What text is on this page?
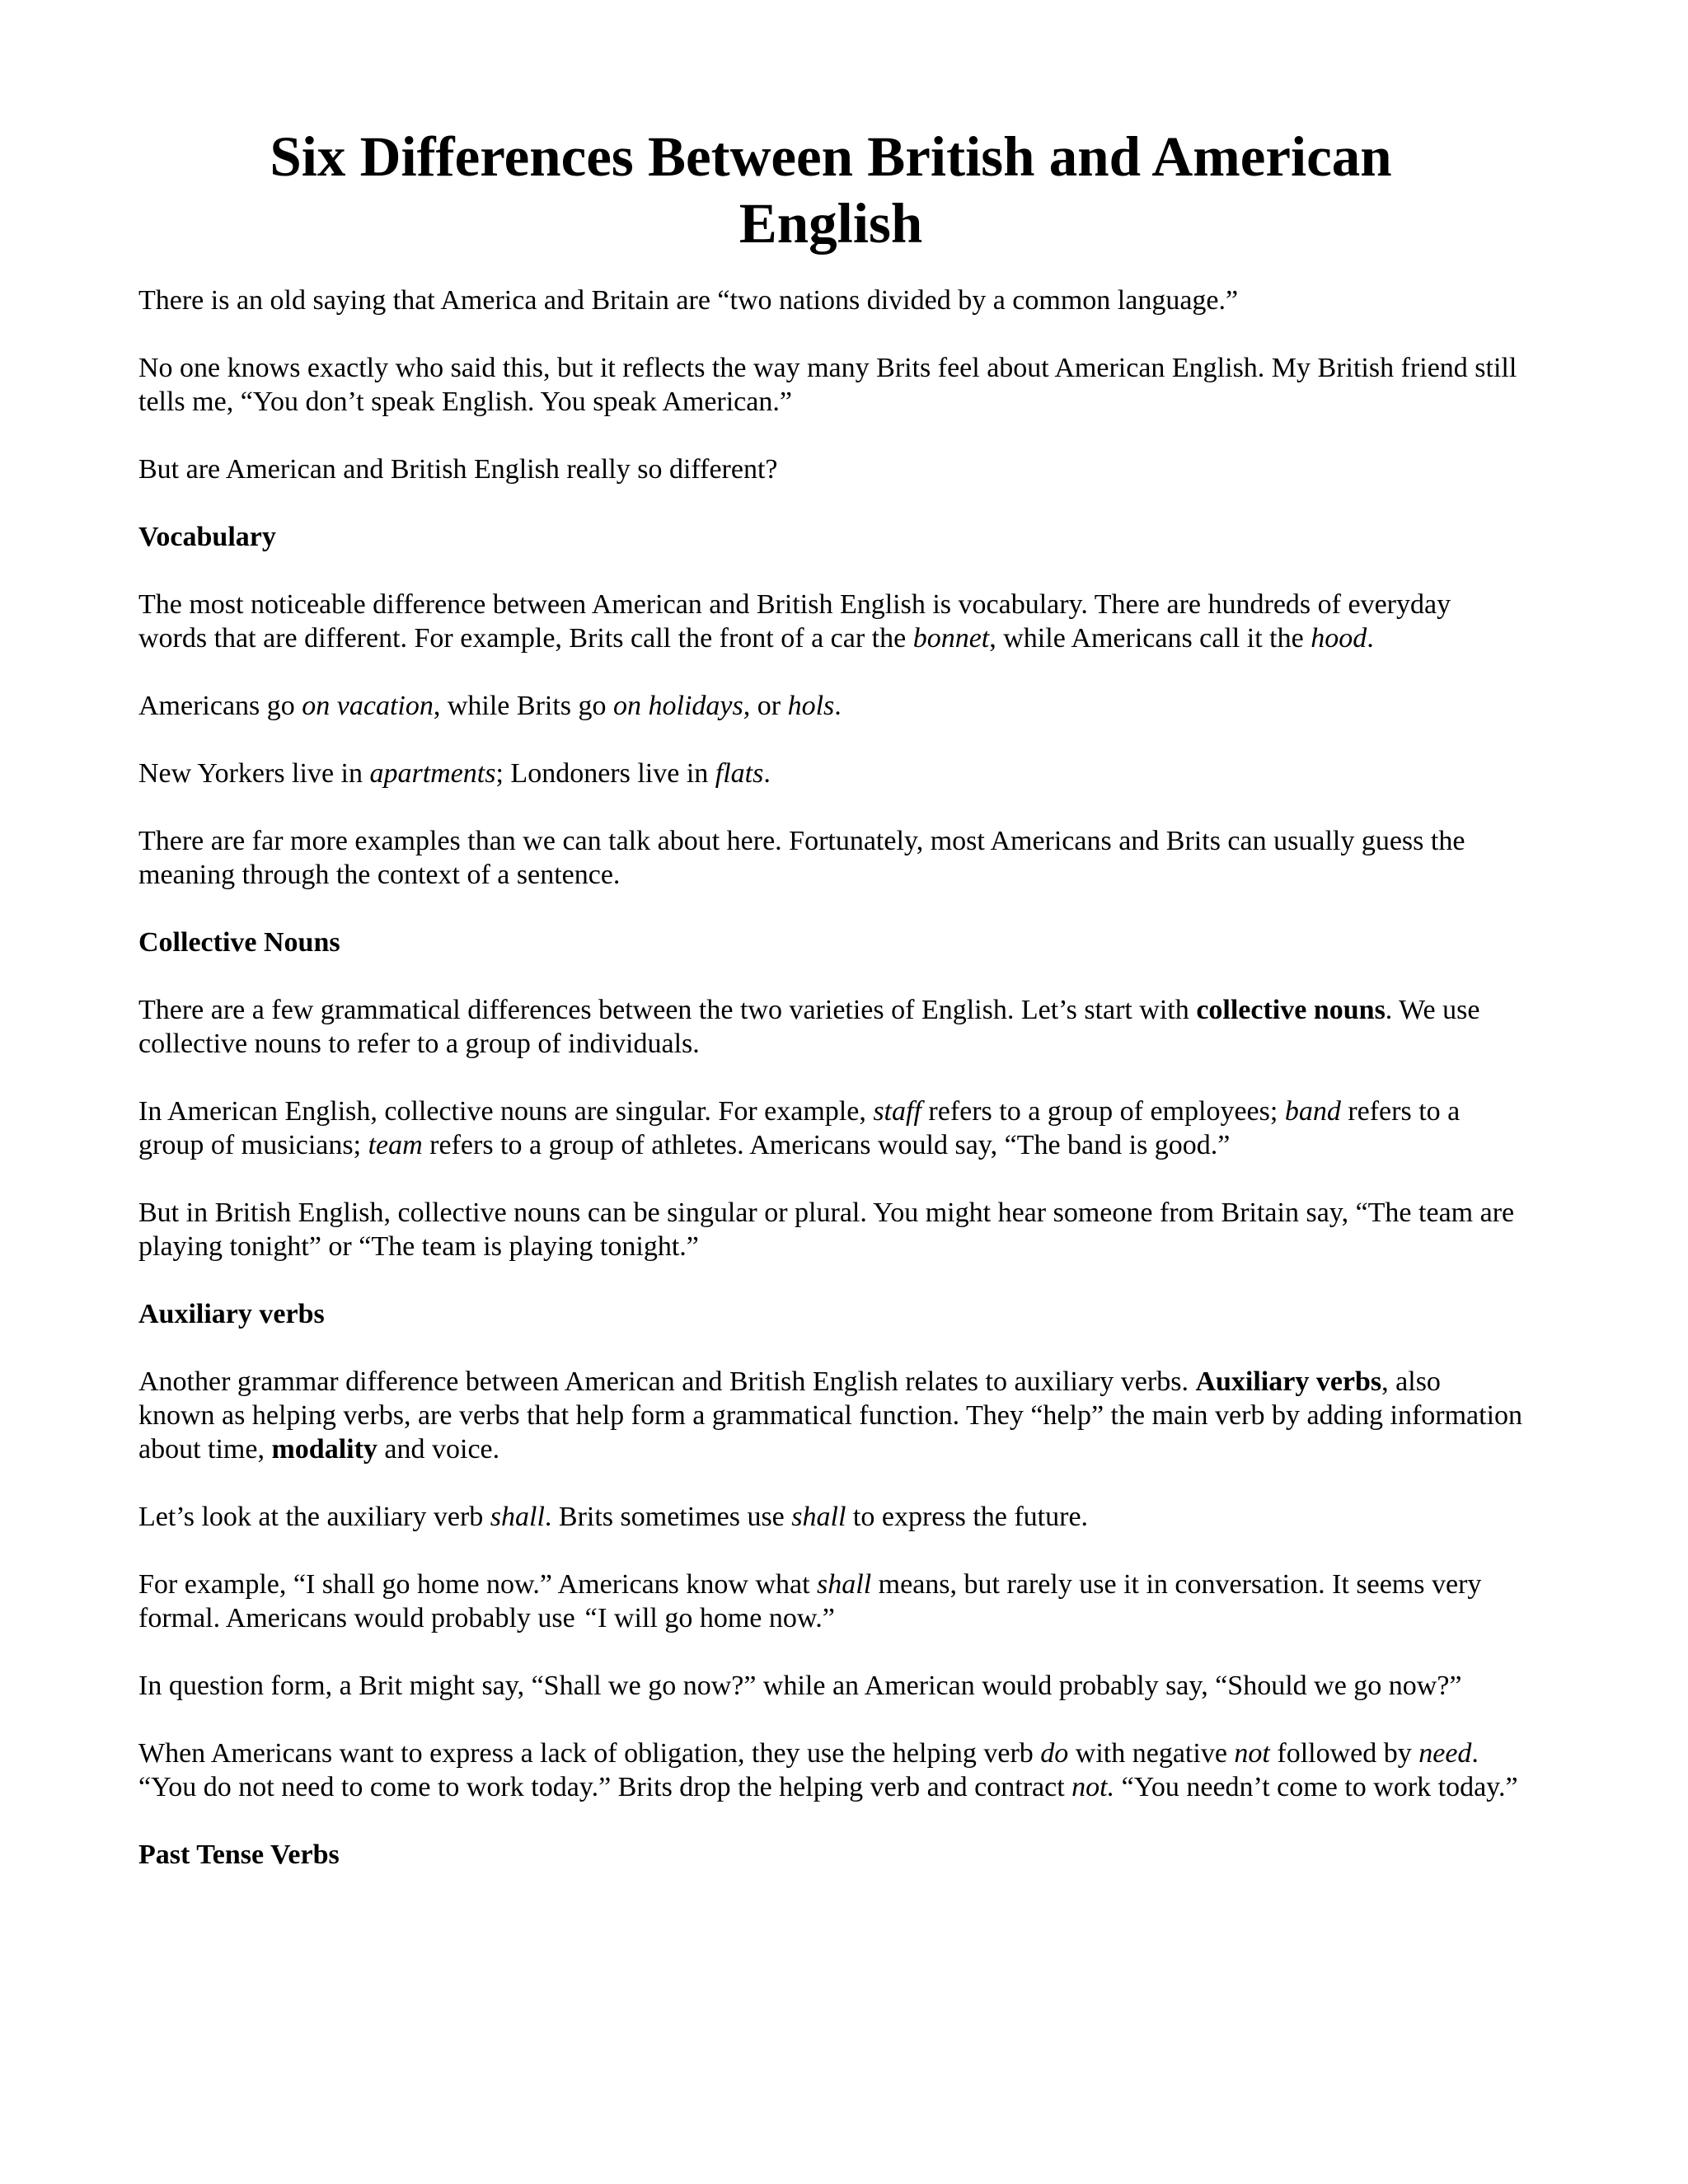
Six Differences Between British and American English

There is an old saying that America and Britain are “two nations divided by a common language.”

No one knows exactly who said this, but it reflects the way many Brits feel about American English. My British friend still tells me, “You don’t speak English. You speak American.”

But are American and British English really so different?

Vocabulary

The most noticeable difference between American and British English is vocabulary. There are hundreds of everyday words that are different. For example, Brits call the front of a car the bonnet, while Americans call it the hood.

Americans go on vacation, while Brits go on holidays, or hols.

New Yorkers live in apartments; Londoners live in flats.

There are far more examples than we can talk about here. Fortunately, most Americans and Brits can usually guess the meaning through the context of a sentence.

Collective Nouns

There are a few grammatical differences between the two varieties of English. Let’s start with collective nouns. We use collective nouns to refer to a group of individuals.

In American English, collective nouns are singular. For example, staff refers to a group of employees; band refers to a group of musicians; team refers to a group of athletes. Americans would say, “The band is good.”

But in British English, collective nouns can be singular or plural. You might hear someone from Britain say, “The team are playing tonight” or “The team is playing tonight.”

Auxiliary verbs

Another grammar difference between American and British English relates to auxiliary verbs. Auxiliary verbs, also known as helping verbs, are verbs that help form a grammatical function. They “help” the main verb by adding information about time, modality and voice.

Let’s look at the auxiliary verb shall. Brits sometimes use shall to express the future.

For example, “I shall go home now.” Americans know what shall means, but rarely use it in conversation. It seems very formal. Americans would probably use “I will go home now.”

In question form, a Brit might say, “Shall we go now?” while an American would probably say, “Should we go now?”

When Americans want to express a lack of obligation, they use the helping verb do with negative not followed by need. “You do not need to come to work today.” Brits drop the helping verb and contract not. “You needn’t come to work today.”

Past Tense Verbs
